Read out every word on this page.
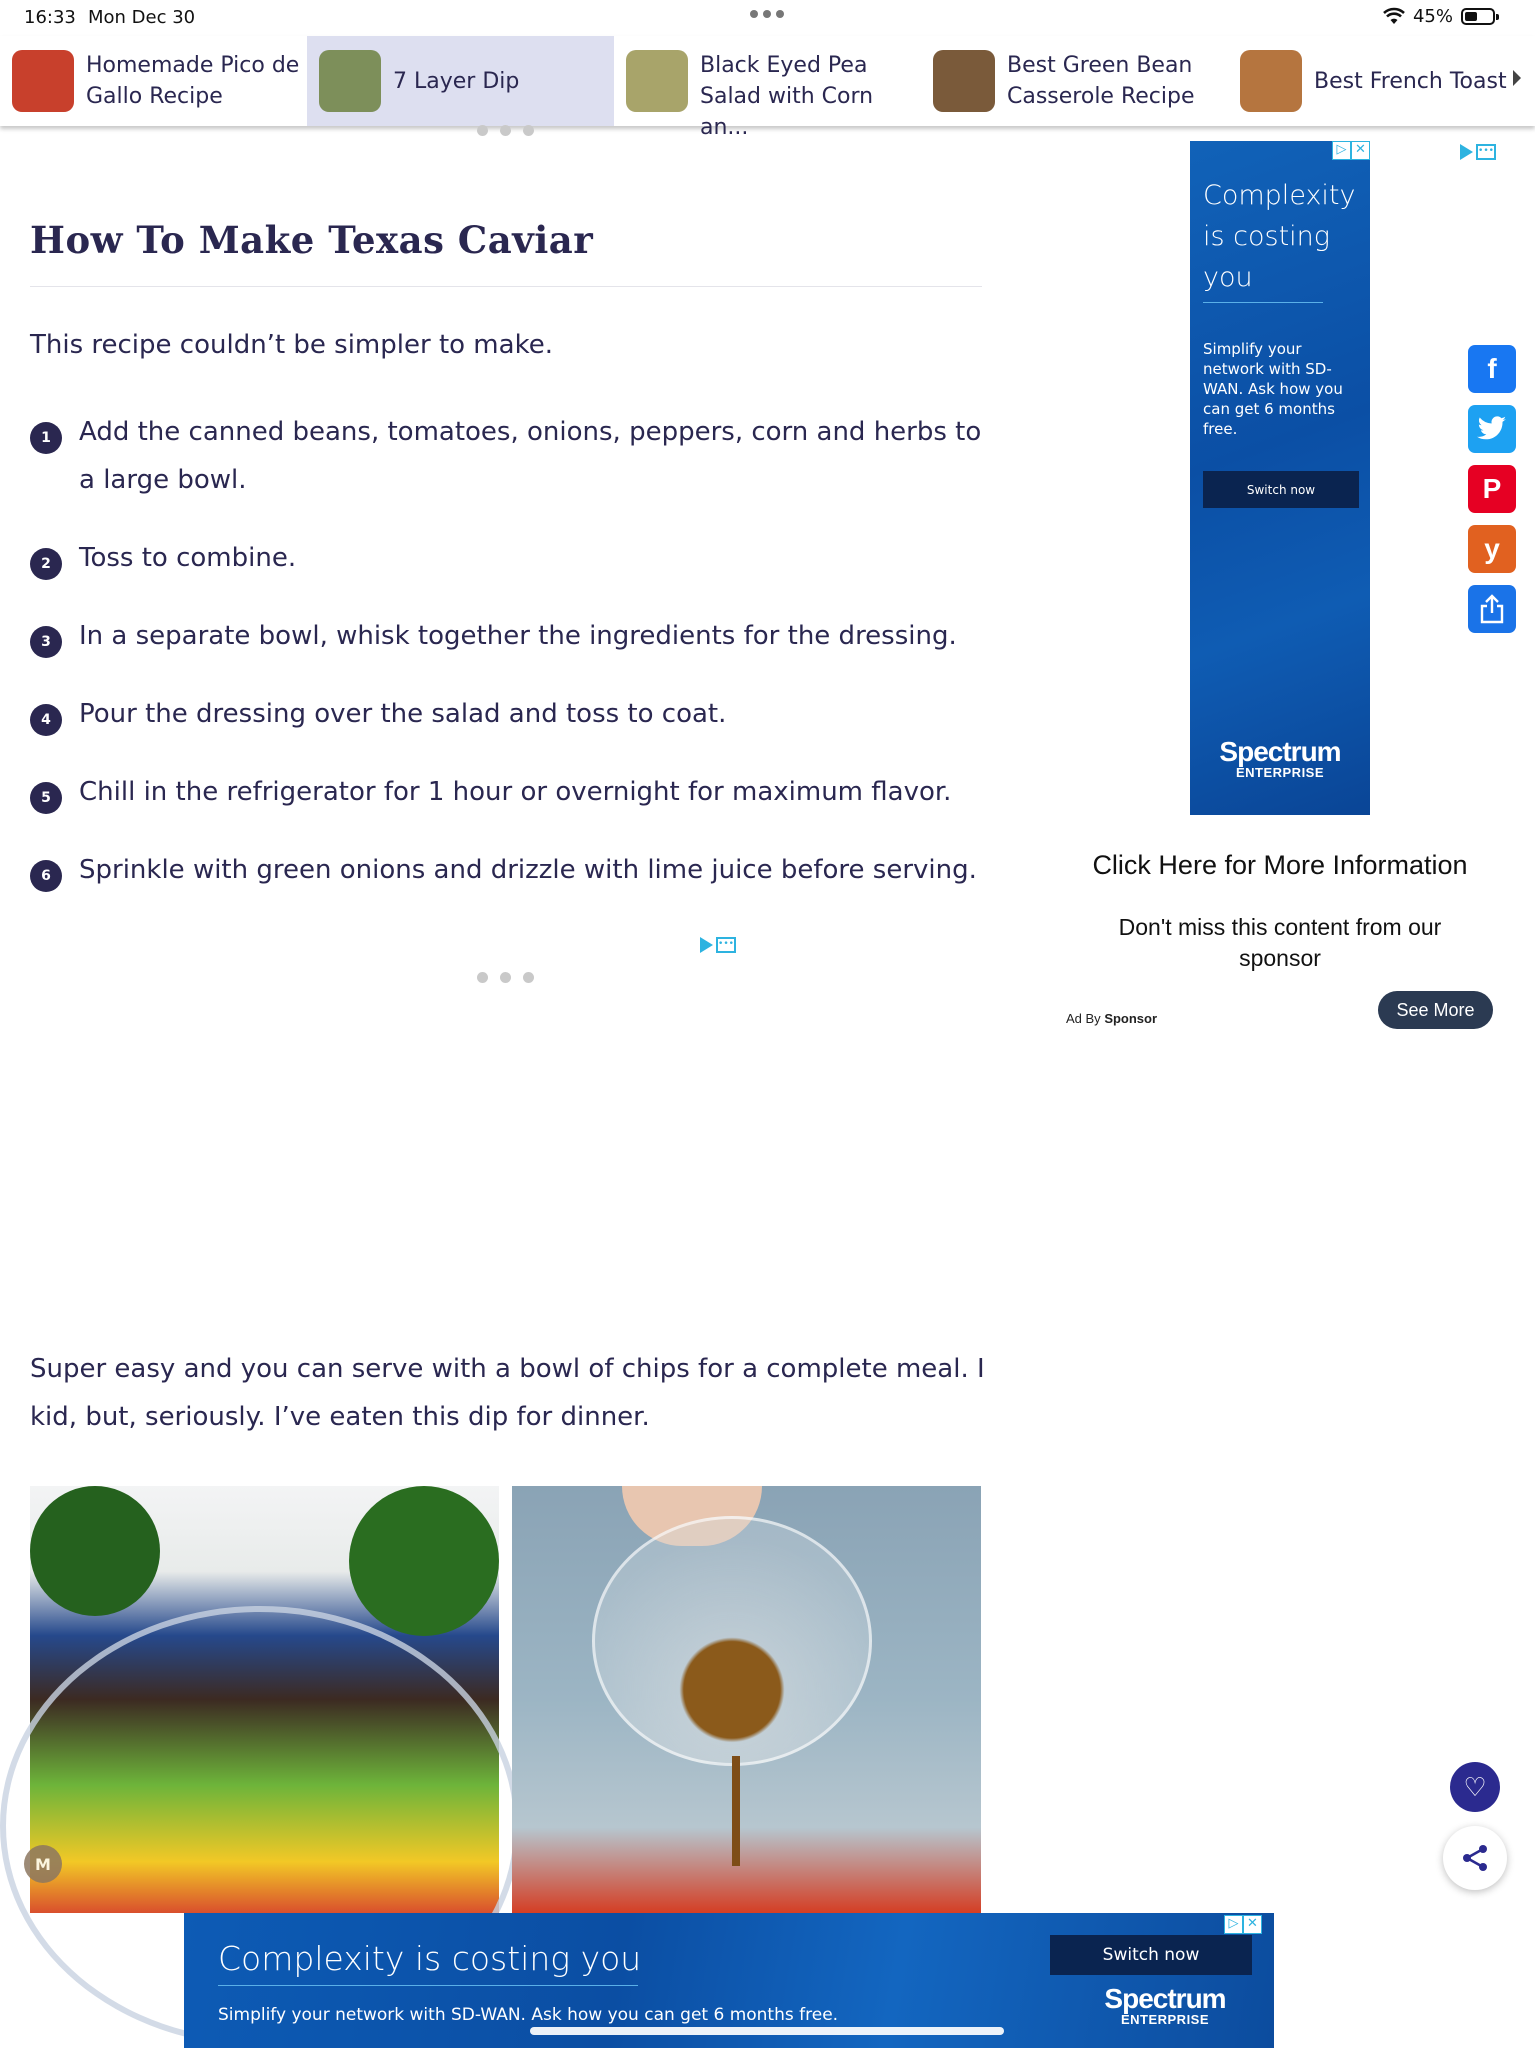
16:33 Mon Dec 30	45%
Homemade Pico de Gallo Recipe
7 Layer Dip
Black Eyed Pea Salad with Corn an...
Best Green Bean Casserole Recipe
Best French Toast
How To Make Texas Caviar

This recipe couldn’t be simpler to make.

1	Add the canned beans, tomatoes, onions, peppers, corn and herbs to a large bowl.
2	Toss to combine.
3	In a separate bowl, whisk together the ingredients for the dressing.
4	Pour the dressing over the salad and toss to coat.
5	Chill in the refrigerator for 1 hour or overnight for maximum flavor.
6	Sprinkle with green onions and drizzle with lime juice before serving.
•••

Super easy and you can serve with a bowl of chips for a complete meal. I kid, but, seriously. I’ve eaten this dip for dinner.

M
Complexity is costing you
Simplify your network with SD-WAN. Ask how you can get 6 months free.
Switch now
Spectrum
ENTERPRISE
▷ ✕	•••
Click Here for More Information
Don't miss this content from our sponsor
Ad By Sponsor	See More
f
P
y
♡
Complexity is costing you
Simplify your network with SD-WAN. Ask how you can get 6 months free.
Switch now
Spectrum
ENTERPRISE
▷ ✕
